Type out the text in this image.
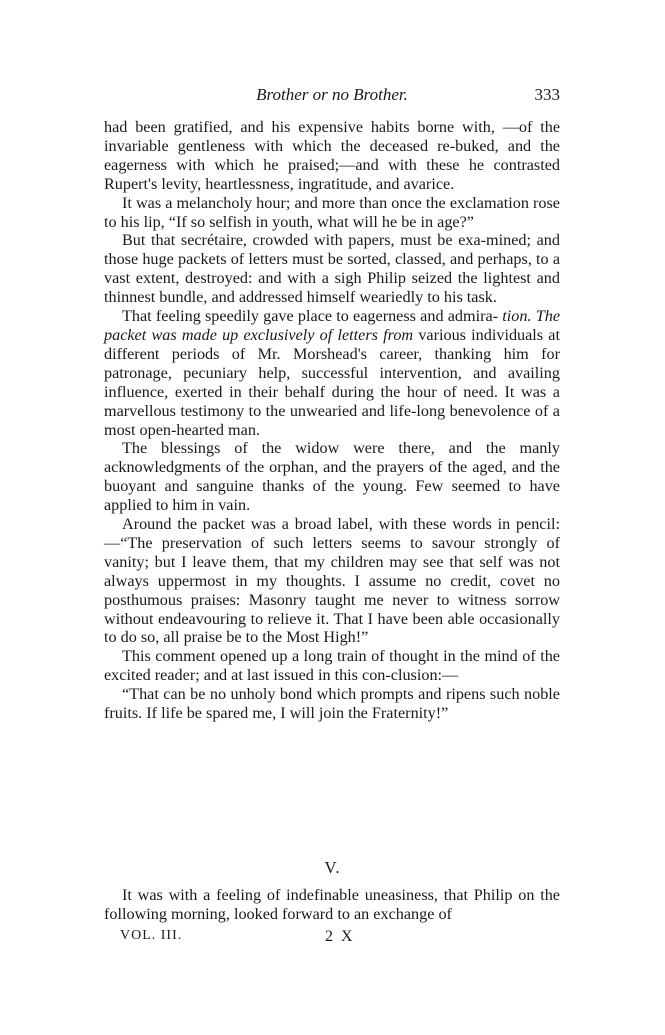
Brother or no Brother.	333

had been gratified, and his expensive habits borne with, —of the invariable gentleness with which the deceased re-buked, and the eagerness with which he praised;—and with these he contrasted Rupert's levity, heartlessness, ingratitude, and avarice.

It was a melancholy hour; and more than once the exclamation rose to his lip, “If so selfish in youth, what will he be in age?”

But that secrétaire, crowded with papers, must be exa-mined; and those huge packets of letters must be sorted, classed, and perhaps, to a vast extent, destroyed: and with a sigh Philip seized the lightest and thinnest bundle, and addressed himself weariedly to his task.

That feeling speedily gave place to eagerness and admira- tion. The packet was made up exclusively of letters from various individuals at different periods of Mr. Morshead's career, thanking him for patronage, pecuniary help, successful intervention, and availing influence, exerted in their behalf during the hour of need. It was a marvellous testimony to the unwearied and life-long benevolence of a most open-hearted man.

The blessings of the widow were there, and the manly acknowledgments of the orphan, and the prayers of the aged, and the buoyant and sanguine thanks of the young. Few seemed to have applied to him in vain.

Around the packet was a broad label, with these words in pencil:—“The preservation of such letters seems to savour strongly of vanity; but I leave them, that my children may see that self was not always uppermost in my thoughts. I assume no credit, covet no posthumous praises: Masonry taught me never to witness sorrow without endeavouring to relieve it. That I have been able occasionally to do so, all praise be to the Most High!”

This comment opened up a long train of thought in the mind of the excited reader; and at last issued in this con-clusion:—

“That can be no unholy bond which prompts and ripens such noble fruits. If life be spared me, I will join the Fraternity!”

V.

It was with a feeling of indefinable uneasiness, that Philip on the following morning, looked forward to an exchange of

VOL. III.	2 X
